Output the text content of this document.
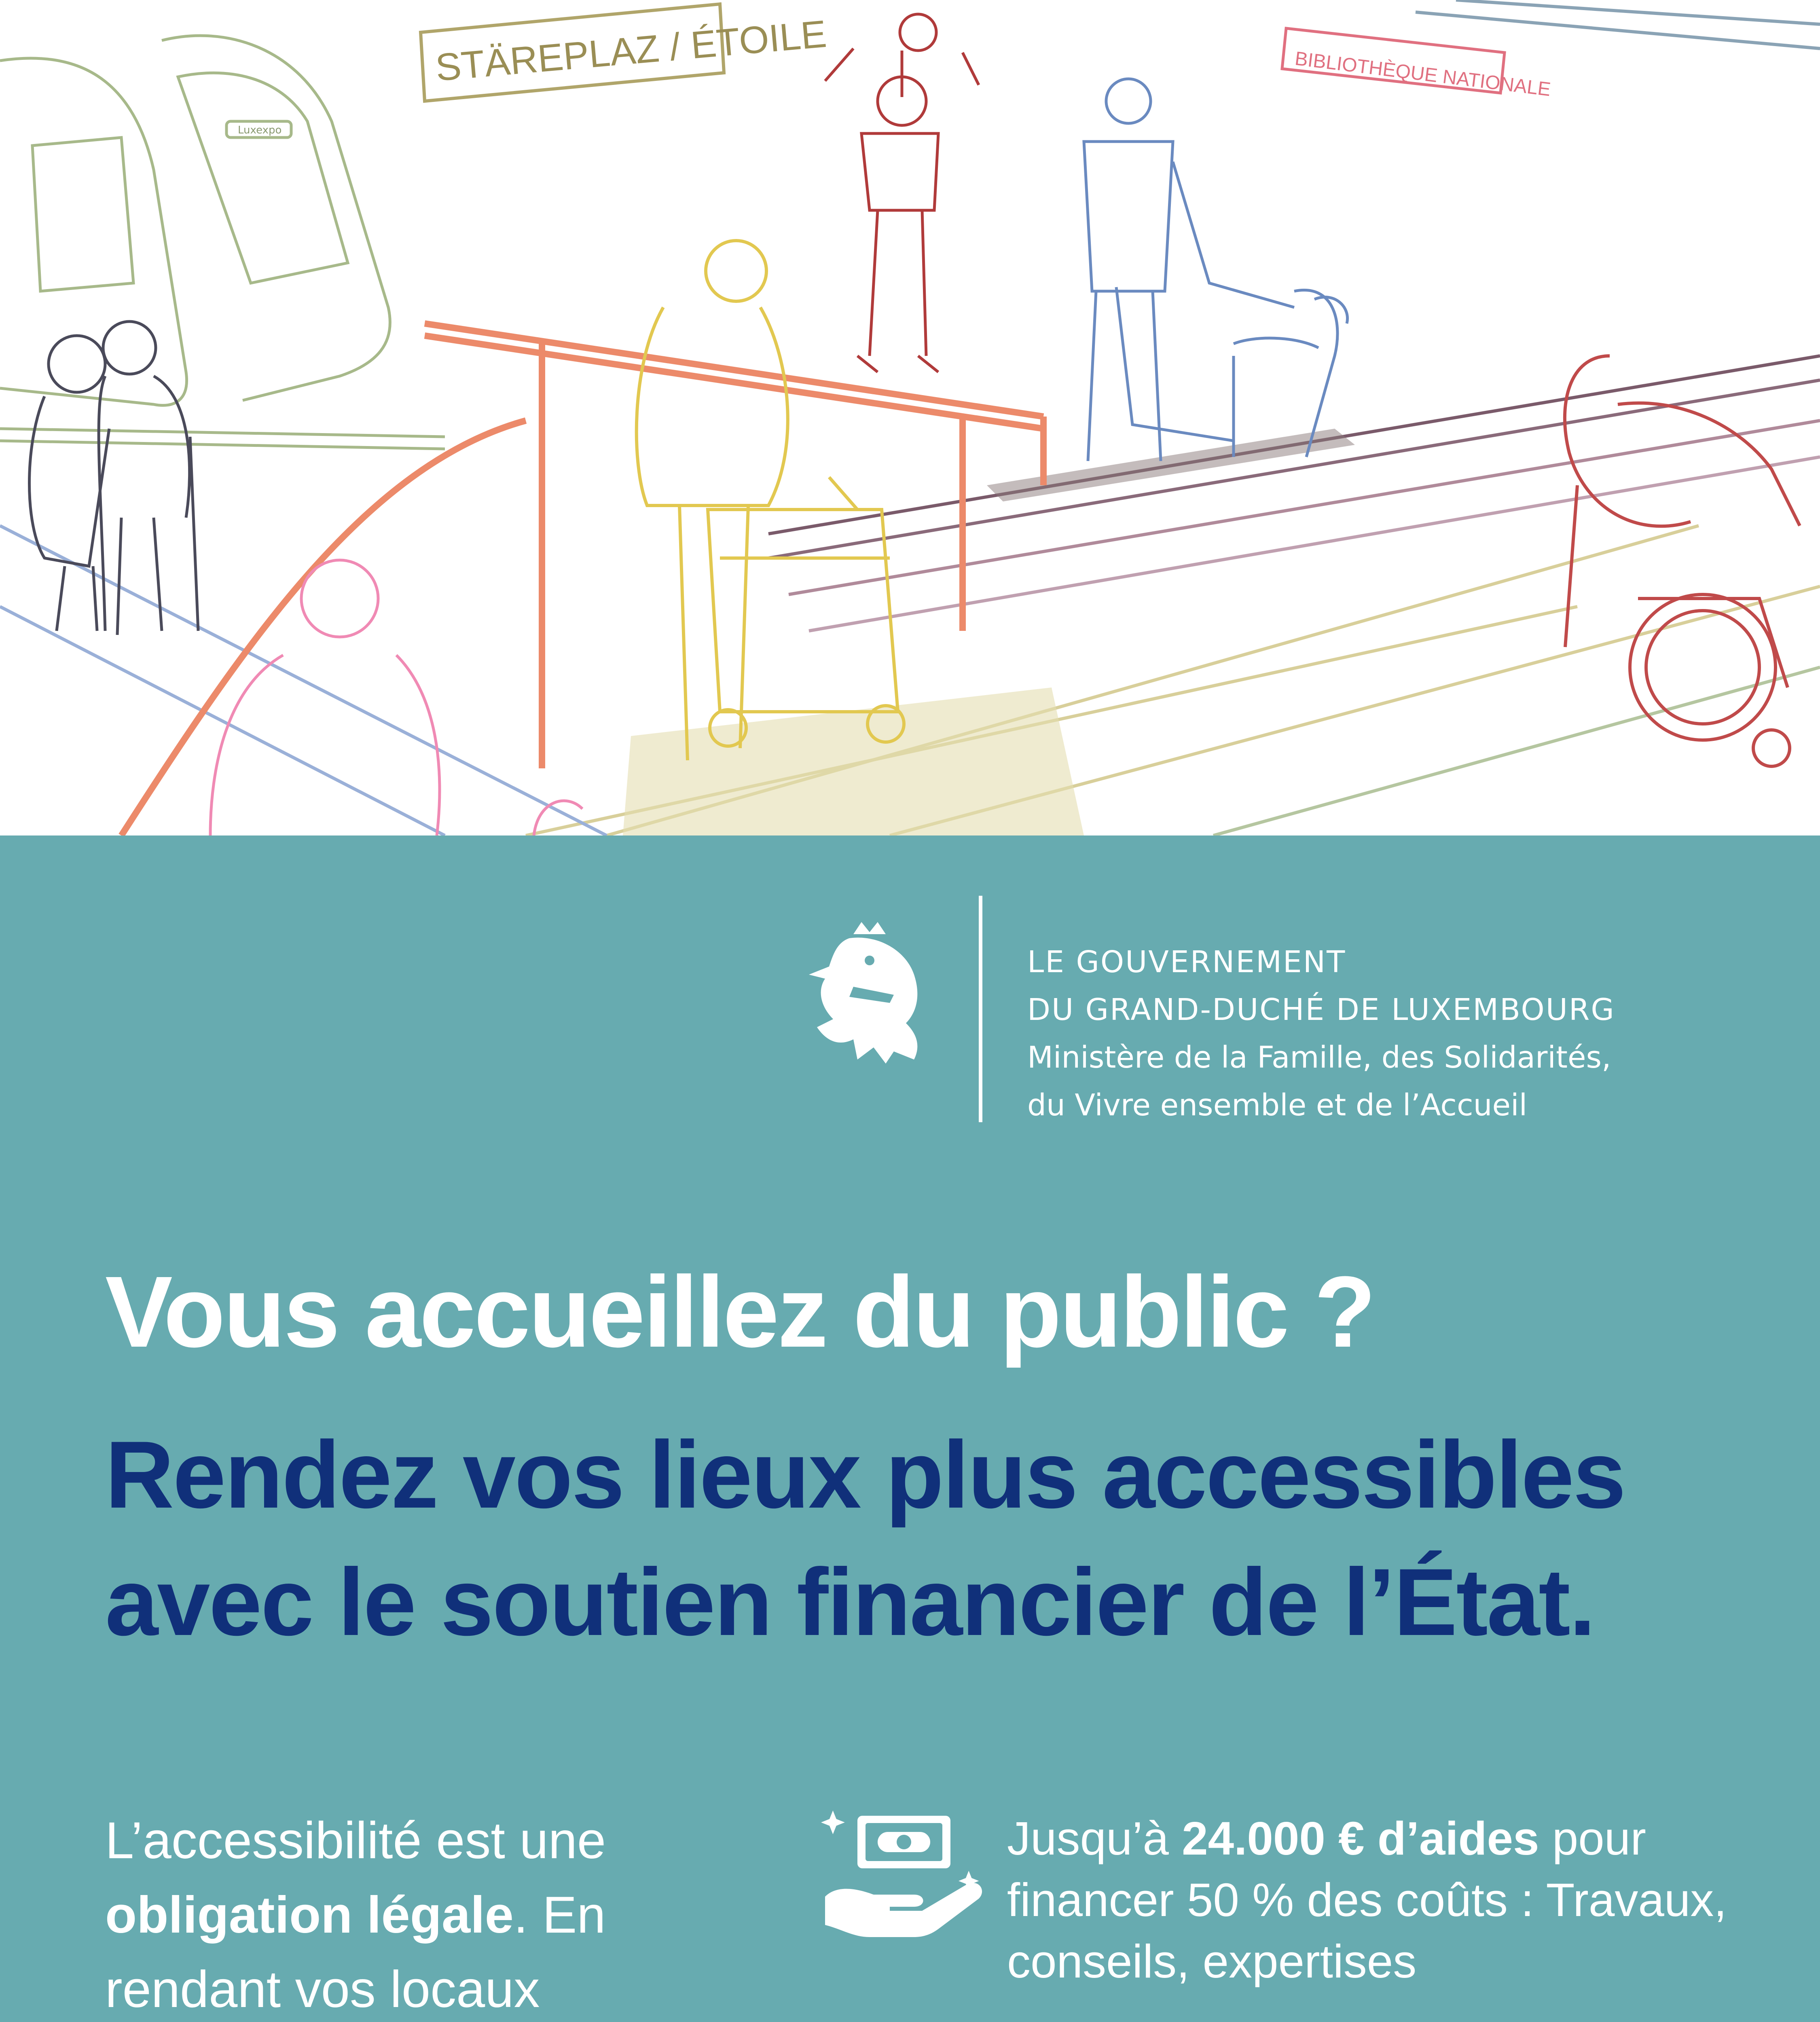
Luxexpo
STÄREPLAZ / ÉTOILE	BIBLIOTHÈQUE NATIONALE
LE GOUVERNEMENT
DU GRAND-DUCHÉ DE LUXEMBOURG
Ministère de la Famille, des Solidarités,
du Vivre ensemble et de l’Accueil
Vous accueillez du public ?
Rendez vos lieux plus accessibles
avec le soutien financier de l’État.
L’accessibilité est une obligation légale. En rendant vos locaux
Jusqu’à 24.000 € d’aides pour financer 50 % des coûts : Travaux, conseils, expertises
